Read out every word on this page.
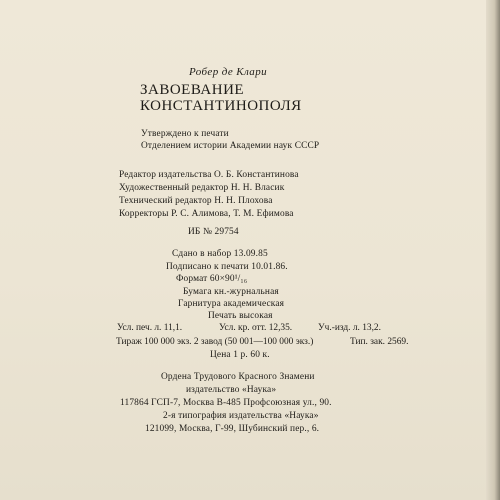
Робер де Клари
ЗАВОЕВАНИЕ
КОНСТАНТИНОПОЛЯ
Утверждено к печати
Отделением истории Академии наук СССР
Редактор издательства О. Б. Константинова
Художественный редактор Н. Н. Власик
Технический редактор Н. Н. Плохова
Корректоры Р. С. Алимова, Т. М. Ефимова
ИБ № 29754
Сдано в набор 13.09.85
Подписано к печати 10.01.86.
Формат 60×90¹/₁₆
Бумага кн.-журнальная
Гарнитура академическая
Печать высокая
Усл. печ. л. 11,1.	Усл. кр. отт. 12,35.	Уч.-изд. л. 13,2.
Тираж 100 000 экз. 2 завод (50 001—100 000 экз.)	Тип. зак. 2569.
Цена 1 р. 60 к.
Ордена Трудового Красного Знамени
издательство «Наука»
117864 ГСП-7, Москва В-485 Профсоюзная ул., 90.
2-я типография издательства «Наука»
121099, Москва, Г-99, Шубинский пер., 6.
